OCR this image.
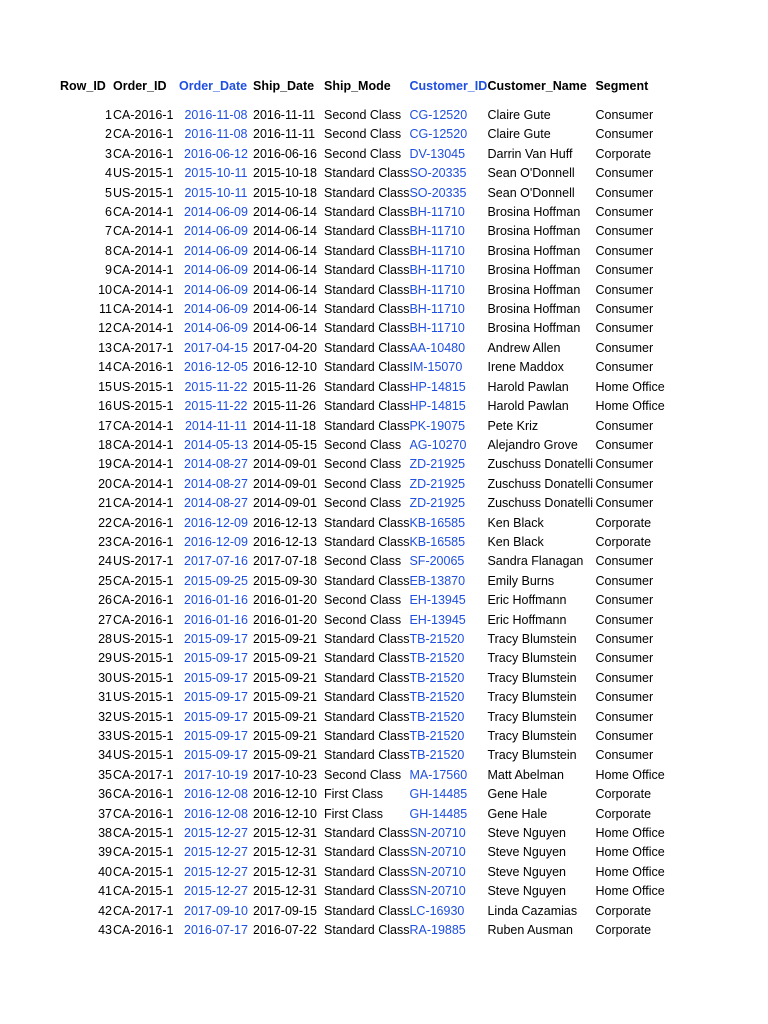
Row_ID	Order_ID	Order_Date	Ship_Date	Ship_Mode	Customer_ID	Customer_Name	Segment

1	CA-2016-1	2016-11-08	2016-11-11	Second Class	CG-12520	Claire Gute	Consumer
2	CA-2016-1	2016-11-08	2016-11-11	Second Class	CG-12520	Claire Gute	Consumer
3	CA-2016-1	2016-06-12	2016-06-16	Second Class	DV-13045	Darrin Van Huff	Corporate
4	US-2015-1	2015-10-11	2015-10-18	Standard Class	SO-20335	Sean O'Donnell	Consumer
5	US-2015-1	2015-10-11	2015-10-18	Standard Class	SO-20335	Sean O'Donnell	Consumer
6	CA-2014-1	2014-06-09	2014-06-14	Standard Class	BH-11710	Brosina Hoffman	Consumer
7	CA-2014-1	2014-06-09	2014-06-14	Standard Class	BH-11710	Brosina Hoffman	Consumer
8	CA-2014-1	2014-06-09	2014-06-14	Standard Class	BH-11710	Brosina Hoffman	Consumer
9	CA-2014-1	2014-06-09	2014-06-14	Standard Class	BH-11710	Brosina Hoffman	Consumer
10	CA-2014-1	2014-06-09	2014-06-14	Standard Class	BH-11710	Brosina Hoffman	Consumer
11	CA-2014-1	2014-06-09	2014-06-14	Standard Class	BH-11710	Brosina Hoffman	Consumer
12	CA-2014-1	2014-06-09	2014-06-14	Standard Class	BH-11710	Brosina Hoffman	Consumer
13	CA-2017-1	2017-04-15	2017-04-20	Standard Class	AA-10480	Andrew Allen	Consumer
14	CA-2016-1	2016-12-05	2016-12-10	Standard Class	IM-15070	Irene Maddox	Consumer
15	US-2015-1	2015-11-22	2015-11-26	Standard Class	HP-14815	Harold Pawlan	Home Office
16	US-2015-1	2015-11-22	2015-11-26	Standard Class	HP-14815	Harold Pawlan	Home Office
17	CA-2014-1	2014-11-11	2014-11-18	Standard Class	PK-19075	Pete Kriz	Consumer
18	CA-2014-1	2014-05-13	2014-05-15	Second Class	AG-10270	Alejandro Grove	Consumer
19	CA-2014-1	2014-08-27	2014-09-01	Second Class	ZD-21925	Zuschuss Donatelli	Consumer
20	CA-2014-1	2014-08-27	2014-09-01	Second Class	ZD-21925	Zuschuss Donatelli	Consumer
21	CA-2014-1	2014-08-27	2014-09-01	Second Class	ZD-21925	Zuschuss Donatelli	Consumer
22	CA-2016-1	2016-12-09	2016-12-13	Standard Class	KB-16585	Ken Black	Corporate
23	CA-2016-1	2016-12-09	2016-12-13	Standard Class	KB-16585	Ken Black	Corporate
24	US-2017-1	2017-07-16	2017-07-18	Second Class	SF-20065	Sandra Flanagan	Consumer
25	CA-2015-1	2015-09-25	2015-09-30	Standard Class	EB-13870	Emily Burns	Consumer
26	CA-2016-1	2016-01-16	2016-01-20	Second Class	EH-13945	Eric Hoffmann	Consumer
27	CA-2016-1	2016-01-16	2016-01-20	Second Class	EH-13945	Eric Hoffmann	Consumer
28	US-2015-1	2015-09-17	2015-09-21	Standard Class	TB-21520	Tracy Blumstein	Consumer
29	US-2015-1	2015-09-17	2015-09-21	Standard Class	TB-21520	Tracy Blumstein	Consumer
30	US-2015-1	2015-09-17	2015-09-21	Standard Class	TB-21520	Tracy Blumstein	Consumer
31	US-2015-1	2015-09-17	2015-09-21	Standard Class	TB-21520	Tracy Blumstein	Consumer
32	US-2015-1	2015-09-17	2015-09-21	Standard Class	TB-21520	Tracy Blumstein	Consumer
33	US-2015-1	2015-09-17	2015-09-21	Standard Class	TB-21520	Tracy Blumstein	Consumer
34	US-2015-1	2015-09-17	2015-09-21	Standard Class	TB-21520	Tracy Blumstein	Consumer
35	CA-2017-1	2017-10-19	2017-10-23	Second Class	MA-17560	Matt Abelman	Home Office
36	CA-2016-1	2016-12-08	2016-12-10	First Class	GH-14485	Gene Hale	Corporate
37	CA-2016-1	2016-12-08	2016-12-10	First Class	GH-14485	Gene Hale	Corporate
38	CA-2015-1	2015-12-27	2015-12-31	Standard Class	SN-20710	Steve Nguyen	Home Office
39	CA-2015-1	2015-12-27	2015-12-31	Standard Class	SN-20710	Steve Nguyen	Home Office
40	CA-2015-1	2015-12-27	2015-12-31	Standard Class	SN-20710	Steve Nguyen	Home Office
41	CA-2015-1	2015-12-27	2015-12-31	Standard Class	SN-20710	Steve Nguyen	Home Office
42	CA-2017-1	2017-09-10	2017-09-15	Standard Class	LC-16930	Linda Cazamias	Corporate
43	CA-2016-1	2016-07-17	2016-07-22	Standard Class	RA-19885	Ruben Ausman	Corporate
